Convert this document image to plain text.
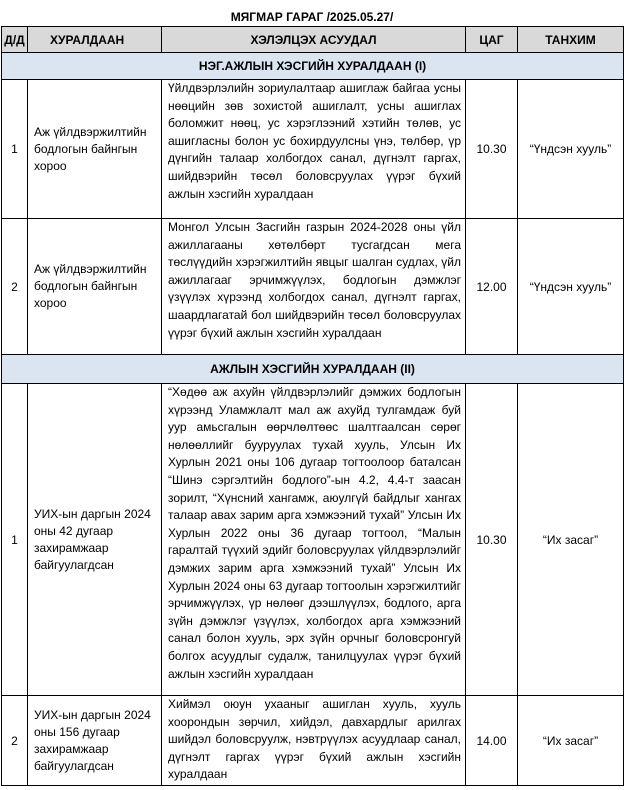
МЯГМАР ГАРАГ /2025.05.27/
Д/Д	ХУРАЛДААН	ХЭЛЭЛЦЭХ АСУУДАЛ	ЦАГ	ТАНХИМ
НЭГ.АЖЛЫН ХЭСГИЙН ХУРАЛДААН (I)				
1	Аж үйлдвэржилтийн бодлогын байнгын хороо	Үйлдвэрлэлийн зориулалтаар ашиглаж байгаа усны нөөцийн зөв зохистой ашиглалт, усны ашиглах боломжит нөөц, ус хэрэглээний хэтийн төлөв, ус ашигласны болон ус бохирдуулсны үнэ, төлбөр, үр дүнгийн талаар холбогдох санал, дүгнэлт гаргах, шийдвэрийн төсөл боловсруулах үүрэг бүхий ажлын хэсгийн хуралдаан	10.30	“Үндсэн хууль”
2	Аж үйлдвэржилтийн бодлогын байнгын хороо	Монгол Улсын Засгийн газрын 2024-2028 оны үйл ажиллагааны хөтөлбөрт тусгагдсан мега төслүүдийн хэрэгжилтийн явцыг шалган судлах, үйл ажиллагааг эрчимжүүлэх, бодлогын дэмжлэг үзүүлэх хүрээнд холбогдох санал, дүгнэлт гаргах, шаардлагатай бол шийдвэрийн төсөл боловсруулах үүрэг бүхий ажлын хэсгийн хуралдаан	12.00	“Үндсэн хууль”
АЖЛЫН ХЭСГИЙН ХУРАЛДААН (II)				
1	УИХ-ын даргын 2024 оны 42 дугаар захирамжаар байгуулагдсан	“Хөдөө аж ахуйн үйлдвэрлэлийг дэмжих бодлогын хүрээнд Уламжлалт мал аж ахуйд тулгамдаж буй уур амьсгалын өөрчлөлтөөс шалтгаалсан сөрөг нөлөөллийг бууруулах тухай хууль, Улсын Их Хурлын 2021 оны 106 дугаар тогтоолоор баталсан “Шинэ сэргэлтийн бодлого”-ын 4.2, 4.4-т заасан зорилт, “Хүнсний хангамж, аюулгүй байдлыг хангах талаар авах зарим арга хэмжээний тухай” Улсын Их Хурлын 2022 оны 36 дугаар тогтоол, “Малын гаралтай түүхий эдийг боловсруулах үйлдвэрлэлийг дэмжих зарим арга хэмжээний тухай” Улсын Их Хурлын 2024 оны 63 дугаар тогтоолын хэрэгжилтийг эрчимжүүлэх, үр нөлөөг дээшлүүлэх, бодлого, арга зүйн дэмжлэг үзүүлэх, холбогдох арга хэмжээний санал болон хууль, эрх зүйн орчныг боловсронгуй болгох асуудлыг судалж, танилцуулах үүрэг бүхий ажлын хэсгийн хуралдаан	10.30	“Их засаг”
2	УИХ-ын даргын 2024 оны 156 дугаар захирамжаар байгуулагдсан	Хиймэл оюун ухааныг ашиглан хууль, хууль хоорондын зөрчил, хийдэл, давхардлыг арилгах шийдэл боловсруулж, нэвтрүүлэх асуудлаар санал, дүгнэлт гаргах үүрэг бүхий ажлын хэсгийн хуралдаан	14.00	“Их засаг”
